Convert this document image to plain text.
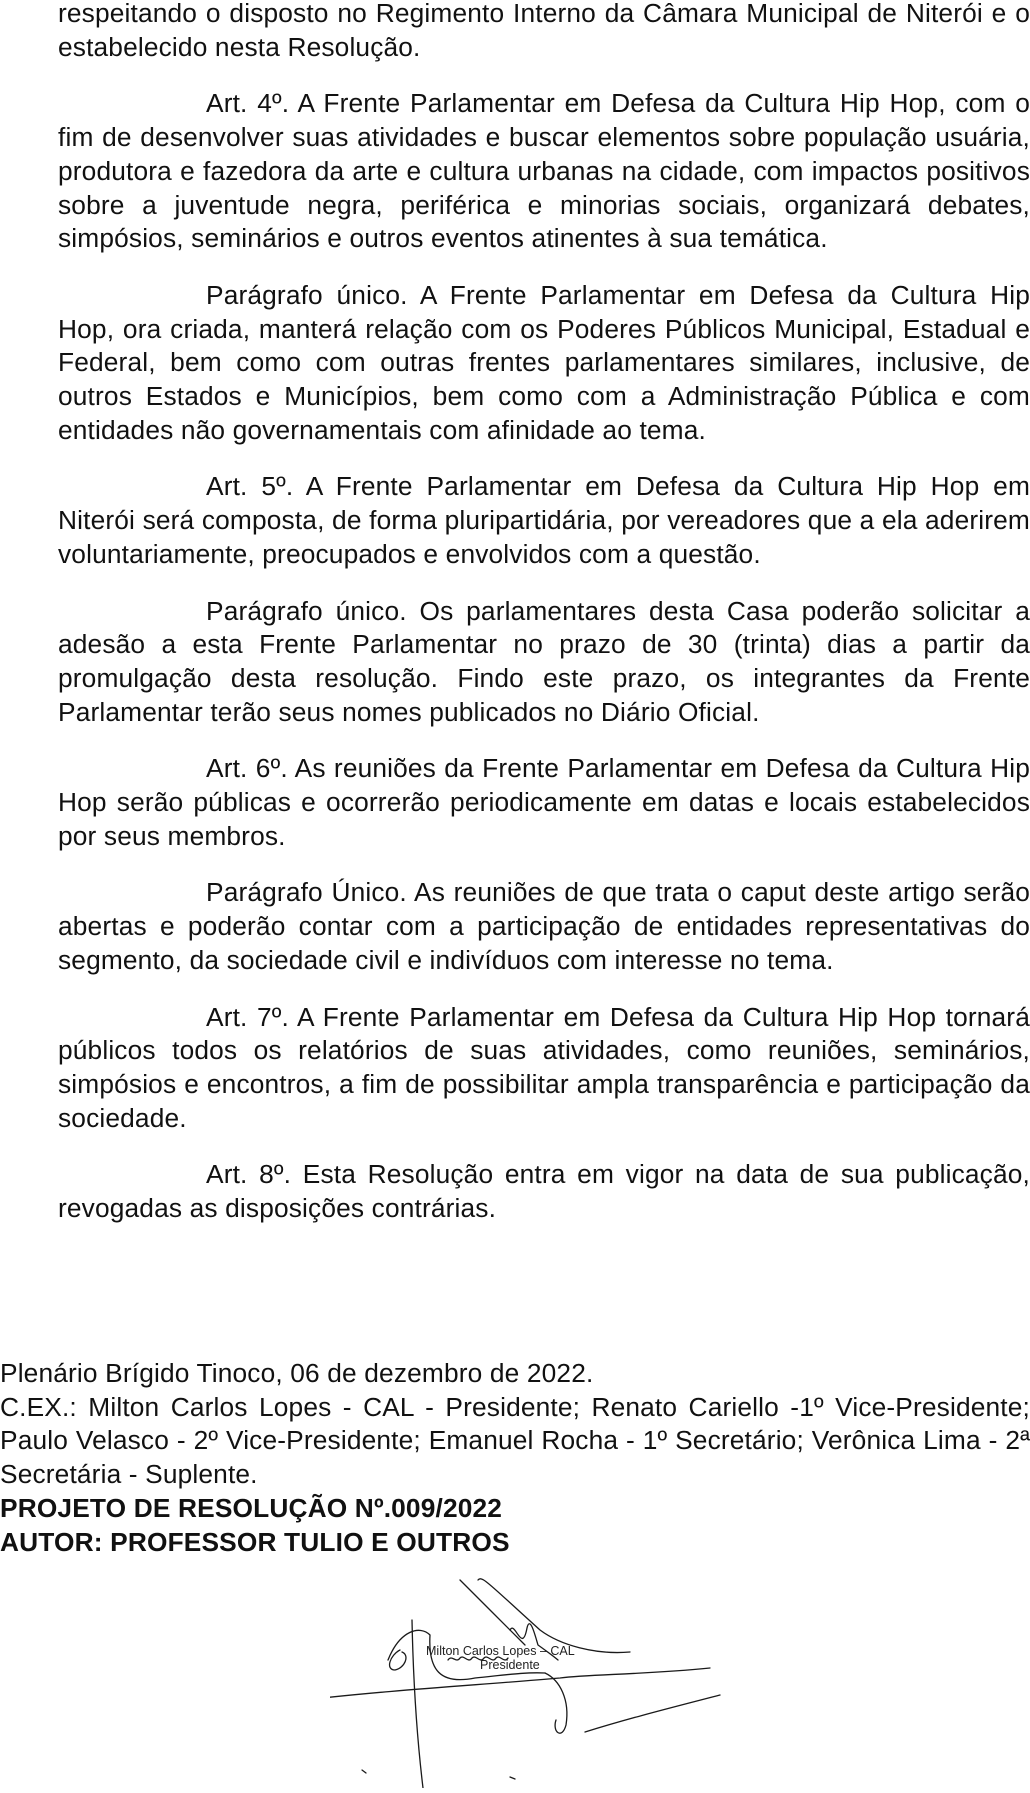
respeitando o disposto no Regimento Interno da Câmara Municipal de Niterói e o estabelecido nesta Resolução.

Art. 4º. A Frente Parlamentar em Defesa da Cultura Hip Hop, com o fim de desenvolver suas atividades e buscar elementos sobre população usuária, produtora e fazedora da arte e cultura urbanas na cidade, com impactos positivos sobre a juventude negra, periférica e minorias sociais, organizará debates, simpósios, seminários e outros eventos atinentes à sua temática.

Parágrafo único. A Frente Parlamentar em Defesa da Cultura Hip Hop, ora criada, manterá relação com os Poderes Públicos Municipal, Estadual e Federal, bem como com outras frentes parlamentares similares, inclusive, de outros Estados e Municípios, bem como com a Administração Pública e com entidades não governamentais com afinidade ao tema.

Art. 5º. A Frente Parlamentar em Defesa da Cultura Hip Hop em Niterói será composta, de forma pluripartidária, por vereadores que a ela aderirem voluntariamente, preocupados e envolvidos com a questão.

Parágrafo único. Os parlamentares desta Casa poderão solicitar a adesão a esta Frente Parlamentar no prazo de 30 (trinta) dias a partir da promulgação desta resolução. Findo este prazo, os integrantes da Frente Parlamentar terão seus nomes publicados no Diário Oficial.

Art. 6º. As reuniões da Frente Parlamentar em Defesa da Cultura Hip Hop serão públicas e ocorrerão periodicamente em datas e locais estabelecidos por seus membros.

Parágrafo Único. As reuniões de que trata o caput deste artigo serão abertas e poderão contar com a participação de entidades representativas do segmento, da sociedade civil e indivíduos com interesse no tema.

Art. 7º. A Frente Parlamentar em Defesa da Cultura Hip Hop tornará públicos todos os relatórios de suas atividades, como reuniões, seminários, simpósios e encontros, a fim de possibilitar ampla transparência e participação da sociedade.

Art. 8º. Esta Resolução entra em vigor na data de sua publicação, revogadas as disposições contrárias.

Plenário Brígido Tinoco, 06 de dezembro de 2022.

C.EX.: Milton Carlos Lopes - CAL - Presidente; Renato Cariello -1º Vice-Presidente; Paulo Velasco - 2º Vice-Presidente; Emanuel Rocha - 1º Secretário; Verônica Lima - 2ª Secretária - Suplente.

PROJETO DE RESOLUÇÃO Nº.009/2022

AUTOR: PROFESSOR TULIO E OUTROS

Milton Carlos Lopes – CAL
Presidente
